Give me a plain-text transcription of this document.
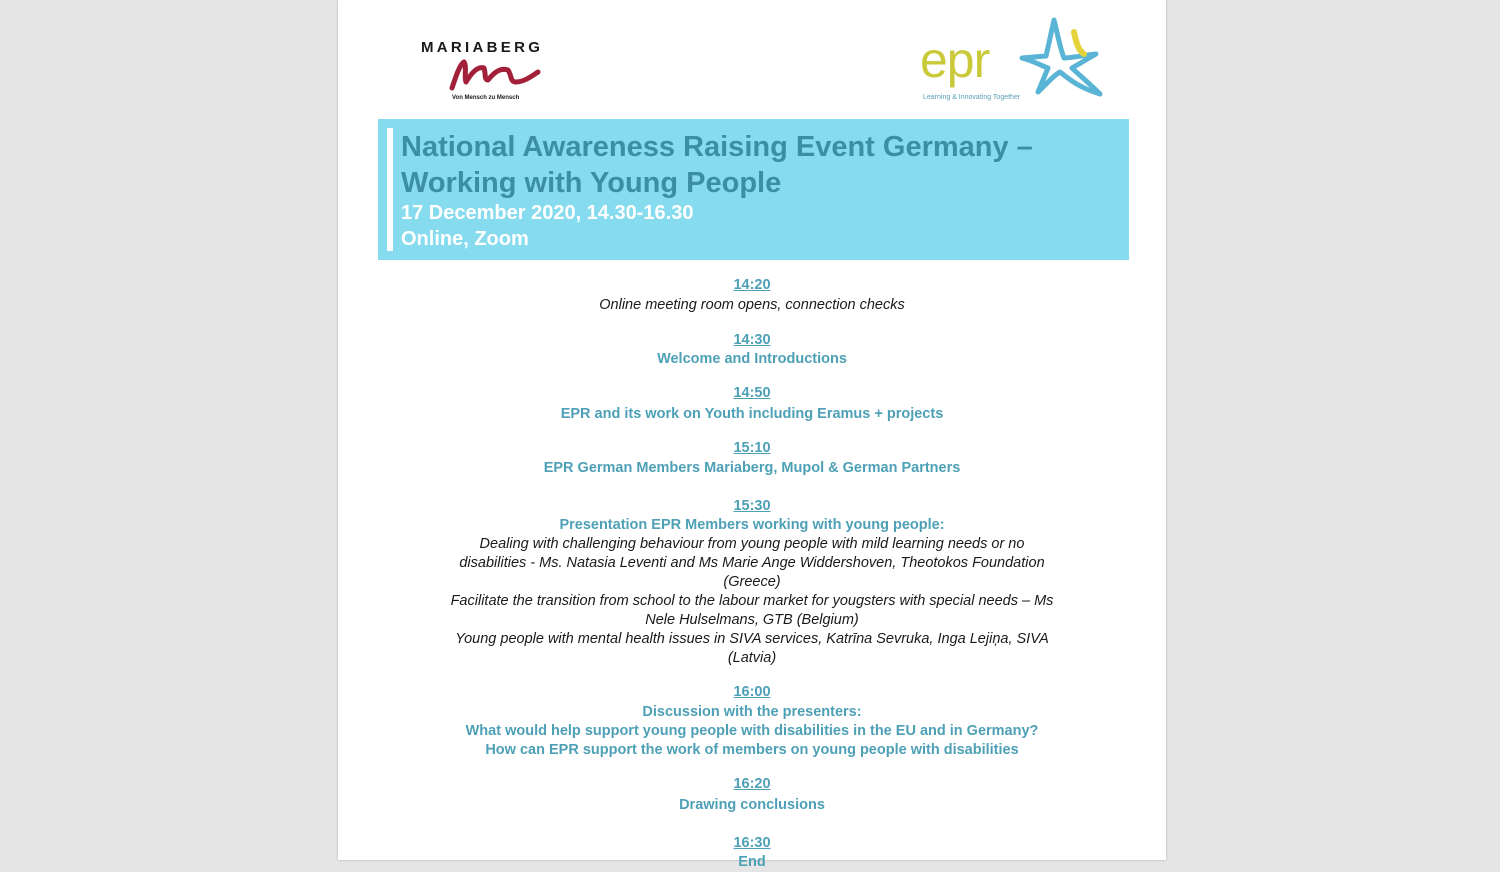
MARIABERG
Von Mensch zu Mensch
epr
Learning & Innovating Together
National Awareness Raising Event Germany –
Working with Young People
17 December 2020, 14.30-16.30
Online, Zoom
14:20
Online meeting room opens, connection checks
14:30
Welcome and Introductions
14:50
EPR and its work on Youth including Eramus + projects
15:10
EPR German Members Mariaberg, Mupol & German Partners
15:30
Presentation EPR Members working with young people:
Dealing with challenging behaviour from young people with mild learning needs or no
disabilities - Ms. Natasia Leventi and Ms Marie Ange Widdershoven, Theotokos Foundation
(Greece)
Facilitate the transition from school to the labour market for yougsters with special needs – Ms
Nele Hulselmans, GTB (Belgium)
Young people with mental health issues in SIVA services, Katrīna Sevruka, Inga Lejiņa, SIVA
(Latvia)
16:00
Discussion with the presenters:
What would help support young people with disabilities in the EU and in Germany?
How can EPR support the work of members on young people with disabilities
16:20
Drawing conclusions
16:30
End
